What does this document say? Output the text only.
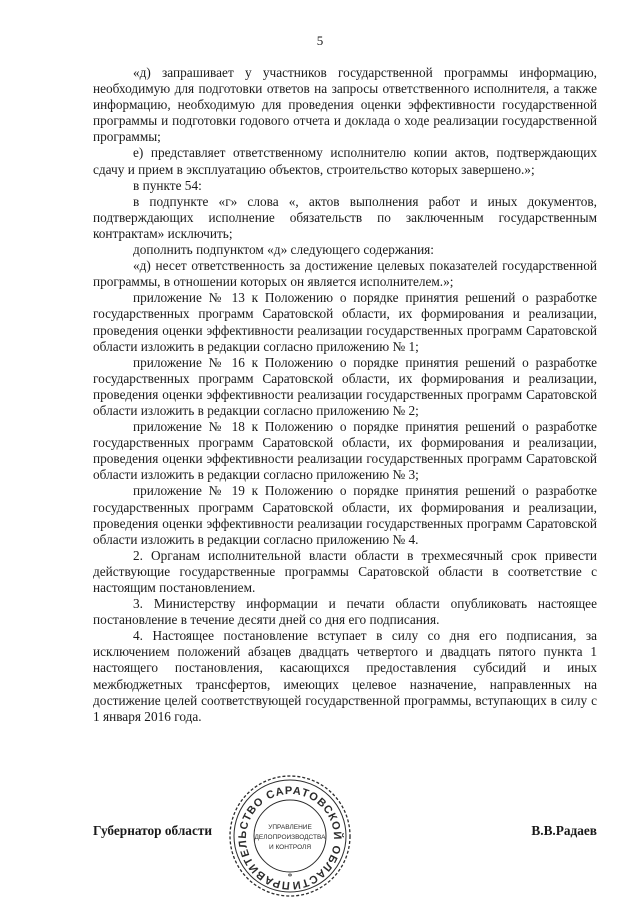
5

«д) запрашивает у участников государственной программы информацию, необходимую для подготовки ответов на запросы ответственного исполнителя, а также информацию, необходимую для проведения оценки эффективности государственной программы и подготовки годового отчета и доклада о ходе реализации государственной программы;

е) представляет ответственному исполнителю копии актов, подтверждающих сдачу и прием в эксплуатацию объектов, строительство которых завершено.»;

в пункте 54:

в подпункте «г» слова «, актов выполнения работ и иных документов, подтверждающих исполнение обязательств по заключенным государственным контрактам» исключить;

дополнить подпунктом «д» следующего содержания:

«д) несет ответственность за достижение целевых показателей государственной программы, в отношении которых он является исполнителем.»;

приложение № 13 к Положению о порядке принятия решений о разработке государственных программ Саратовской области, их формирования и реализации, проведения оценки эффективности реализации государственных программ Саратовской области изложить в редакции согласно приложению № 1;

приложение № 16 к Положению о порядке принятия решений о разработке государственных программ Саратовской области, их формирования и реализации, проведения оценки эффективности реализации государственных программ Саратовской области изложить в редакции согласно приложению № 2;

приложение № 18 к Положению о порядке принятия решений о разработке государственных программ Саратовской области, их формирования и реализации, проведения оценки эффективности реализации государственных программ Саратовской области изложить в редакции согласно приложению № 3;

приложение № 19 к Положению о порядке принятия решений о разработке государственных программ Саратовской области, их формирования и реализации, проведения оценки эффективности реализации государственных программ Саратовской области изложить в редакции согласно приложению № 4.

2. Органам исполнительной власти области в трехмесячный срок привести действующие государственные программы Саратовской области в соответствие с настоящим постановлением.

3. Министерству информации и печати области опубликовать настоящее постановление в течение десяти дней со дня его подписания.

4. Настоящее постановление вступает в силу со дня его подписания, за исключением положений абзацев двадцать четвертого и двадцать пятого пункта 1 настоящего постановления, касающихся предоставления субсидий и иных межбюджетных трансфертов, имеющих целевое назначение, направленных на достижение целей соответствующей государственной программы, вступающих в силу с 1 января 2016 года.

ПРАВИТЕЛЬСТВО САРАТОВСКОЙ ОБЛАСТИ
*
УПРАВЛЕНИЕ
ДЕЛОПРОИЗВОДСТВА
И КОНТРОЛЯ
Губернатор области	В.В.Радаев
